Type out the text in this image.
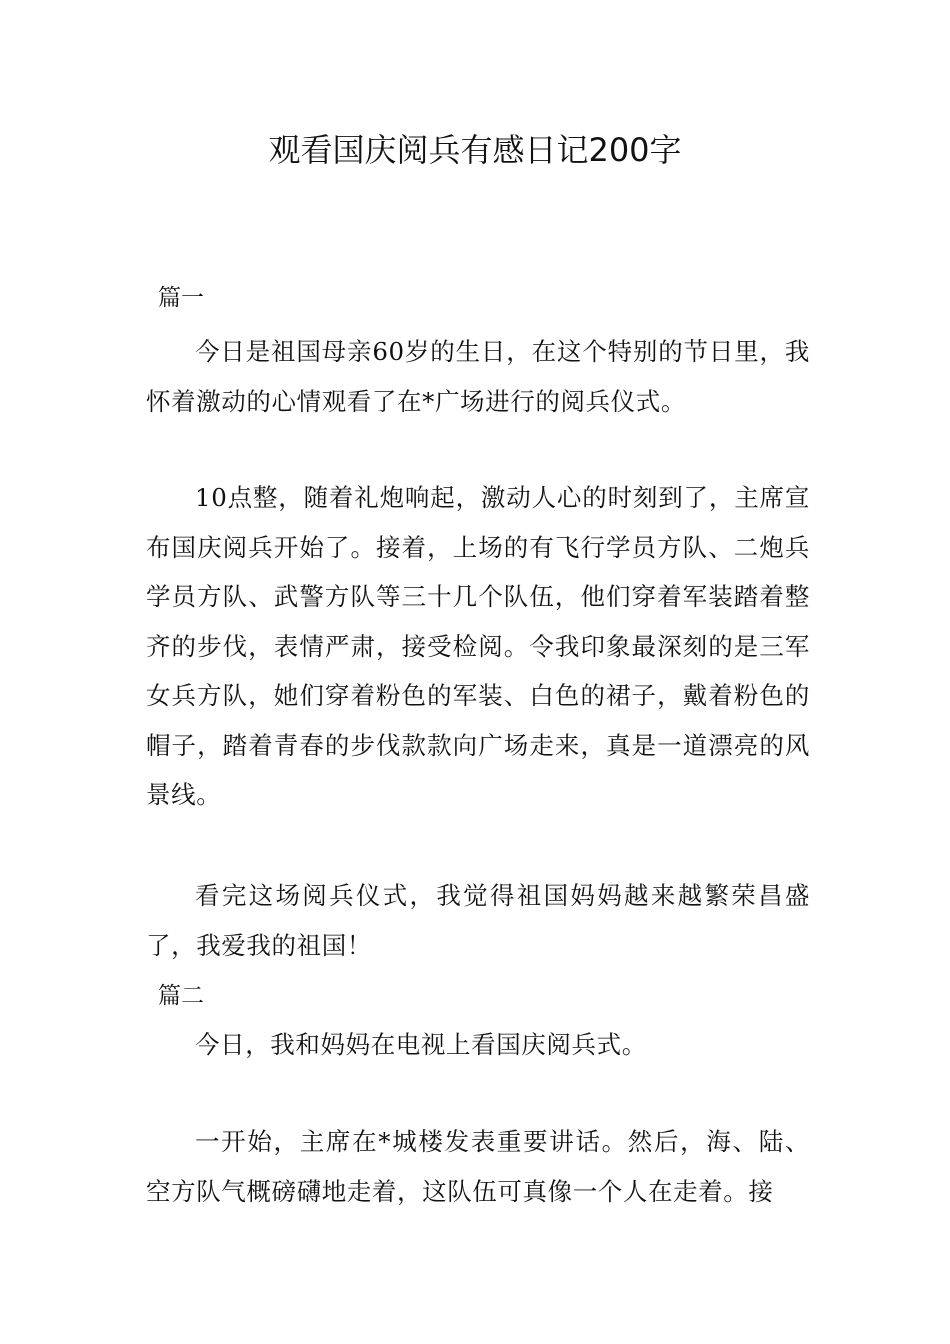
观看国庆阅兵有感日记200字
篇一

今日是祖国母亲60岁的生日，在这个特别的节日里，我怀着激动的心情观看了在*广场进行的阅兵仪式。

10点整，随着礼炮响起，激动人心的时刻到了，主席宣布国庆阅兵开始了。接着，上场的有飞行学员方队、二炮兵学员方队、武警方队等三十几个队伍，他们穿着军装踏着整齐的步伐，表情严肃，接受检阅。令我印象最深刻的是三军女兵方队，她们穿着粉色的军装、白色的裙子，戴着粉色的帽子，踏着青春的步伐款款向广场走来，真是一道漂亮的风景线。

看完这场阅兵仪式，我觉得祖国妈妈越来越繁荣昌盛了，我爱我的祖国！

篇二

今日，我和妈妈在电视上看国庆阅兵式。

一开始，主席在*城楼发表重要讲话。然后，海、陆、空方队气概磅礴地走着，这队伍可真像一个人在走着。接
